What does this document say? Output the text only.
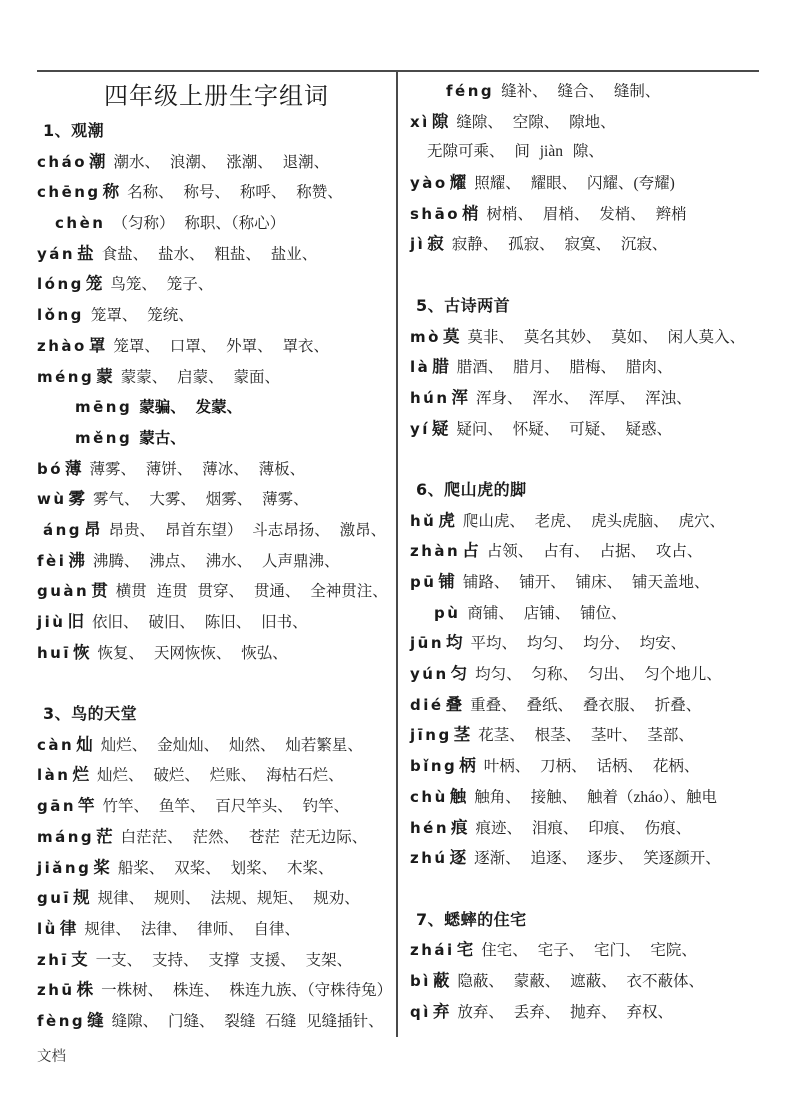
四年级上册生字组词
1、观潮
cháo 潮 潮水、 浪潮、 涨潮、 退潮、
chēng 称 名称、 称号、 称呼、 称赞、
chèn （匀称） 称职、（称心）
yán 盐 食盐、 盐水、 粗盐、 盐业、
lóng 笼 鸟笼、 笼子、
lǒng 笼罩、 笼统、
zhào 罩 笼罩、 口罩、 外罩、 罩衣、
méng 蒙 蒙蒙、 启蒙、 蒙面、
mēng 蒙骗、 发蒙、
měng 蒙古、
bó 薄 薄雾、 薄饼、 薄冰、 薄板、
wù 雾 雾气、 大雾、 烟雾、 薄雾、
áng 昂 昂贵、 昂首东望） 斗志昂扬、 激昂、
fèi 沸 沸腾、 沸点、 沸水、 人声鼎沸、
guàn 贯 横贯 连贯 贯穿、 贯通、 全神贯注、
jiù 旧 依旧、 破旧、 陈旧、 旧书、
huī 恢 恢复、 天网恢恢、 恢弘、
3、鸟的天堂
càn 灿 灿烂、 金灿灿、 灿然、 灿若繁星、
làn 烂 灿烂、 破烂、 烂账、 海枯石烂、
gān 竿 竹竿、 鱼竿、 百尺竿头、 钓竿、
máng 茫 白茫茫、 茫然、 苍茫 茫无边际、
jiǎng 桨 船桨、 双桨、 划桨、 木桨、
guī 规 规律、 规则、 法规、规矩、 规劝、
lǜ 律 规律、 法律、 律师、 自律、
zhī 支 一支、 支持、 支撑 支援、 支架、
zhū 株 一株树、 株连、 株连九族、（守株待兔）
fèng 缝 缝隙、 门缝、 裂缝 石缝 见缝插针、
féng 缝补、 缝合、 缝制、
xì 隙 缝隙、 空隙、 隙地、
无隙可乘、 间 jiàn 隙、
yào 耀 照耀、 耀眼、 闪耀、(夸耀)
shāo 梢 树梢、 眉梢、 发梢、 辫梢
jì 寂 寂静、 孤寂、 寂寞、 沉寂、
5、古诗两首
mò 莫 莫非、 莫名其妙、 莫如、 闲人莫入、
là 腊 腊酒、 腊月、 腊梅、 腊肉、
hún 浑 浑身、 浑水、 浑厚、 浑浊、
yí 疑 疑问、 怀疑、 可疑、 疑惑、
6、爬山虎的脚
hǔ 虎 爬山虎、 老虎、 虎头虎脑、 虎穴、
zhàn 占 占领、 占有、 占据、 攻占、
pū 铺 铺路、 铺开、 铺床、 铺天盖地、
pù 商铺、 店铺、 铺位、
jūn 均 平均、 均匀、 均分、 均安、
yún 匀 均匀、 匀称、 匀出、 匀个地儿、
dié 叠 重叠、 叠纸、 叠衣服、 折叠、
jīng 茎 花茎、 根茎、 茎叶、 茎部、
bǐng 柄 叶柄、 刀柄、 话柄、 花柄、
chù 触 触角、 接触、 触着（zháo）、触电
hén 痕 痕迹、 泪痕、 印痕、 伤痕、
zhú 逐 逐渐、 追逐、 逐步、 笑逐颜开、
7、蟋蟀的住宅
zhái 宅 住宅、 宅子、 宅门、 宅院、
bì 蔽 隐蔽、 蒙蔽、 遮蔽、 衣不蔽体、
qì 弃 放弃、 丢弃、 抛弃、 弃权、
文档
